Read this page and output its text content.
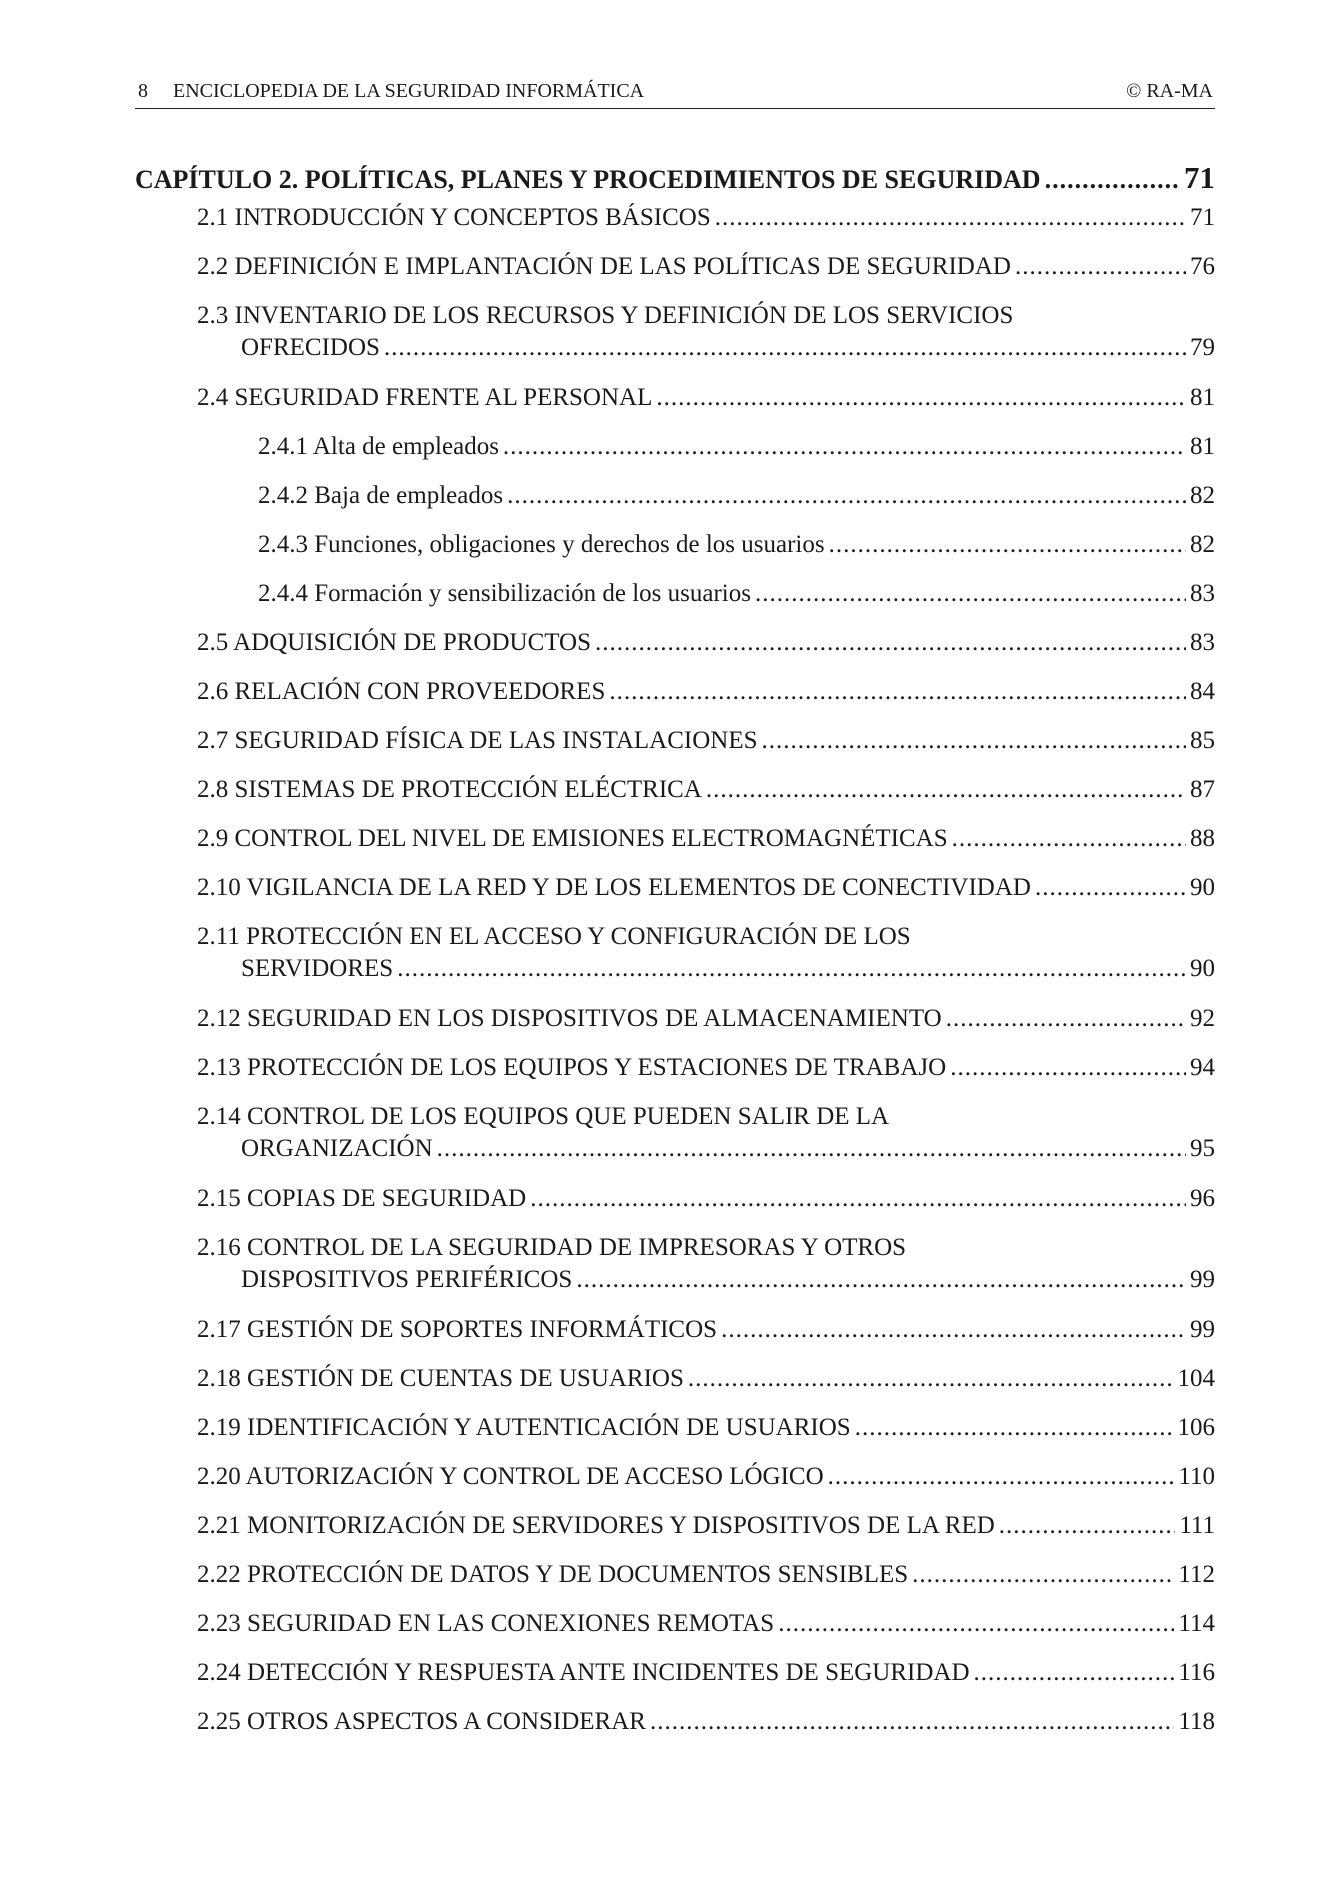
8 ENCICLOPEDIA DE LA SEGURIDAD INFORMÁTICA	© RA-MA
CAPÍTULO 2. POLÍTICAS, PLANES Y PROCEDIMIENTOS DE SEGURIDAD .....	71
2.1 INTRODUCCIÓN Y CONCEPTOS BÁSICOS .....	71
2.2 DEFINICIÓN E IMPLANTACIÓN DE LAS POLÍTICAS DE SEGURIDAD .....	76
2.3 INVENTARIO DE LOS RECURSOS Y DEFINICIÓN DE LOS SERVICIOS
OFRECIDOS .....	79
2.4 SEGURIDAD FRENTE AL PERSONAL .....	81
2.4.1 Alta de empleados .....	81
2.4.2 Baja de empleados .....	82
2.4.3 Funciones, obligaciones y derechos de los usuarios .....	82
2.4.4 Formación y sensibilización de los usuarios .....	83
2.5 ADQUISICIÓN DE PRODUCTOS .....	83
2.6 RELACIÓN CON PROVEEDORES .....	84
2.7 SEGURIDAD FÍSICA DE LAS INSTALACIONES .....	85
2.8 SISTEMAS DE PROTECCIÓN ELÉCTRICA .....	87
2.9 CONTROL DEL NIVEL DE EMISIONES ELECTROMAGNÉTICAS .....	88
2.10 VIGILANCIA DE LA RED Y DE LOS ELEMENTOS DE CONECTIVIDAD .....	90
2.11 PROTECCIÓN EN EL ACCESO Y CONFIGURACIÓN DE LOS
SERVIDORES .....	90
2.12 SEGURIDAD EN LOS DISPOSITIVOS DE ALMACENAMIENTO .....	92
2.13 PROTECCIÓN DE LOS EQUIPOS Y ESTACIONES DE TRABAJO .....	94
2.14 CONTROL DE LOS EQUIPOS QUE PUEDEN SALIR DE LA
ORGANIZACIÓN .....	95
2.15 COPIAS DE SEGURIDAD .....	96
2.16 CONTROL DE LA SEGURIDAD DE IMPRESORAS Y OTROS
DISPOSITIVOS PERIFÉRICOS .....	99
2.17 GESTIÓN DE SOPORTES INFORMÁTICOS .....	99
2.18 GESTIÓN DE CUENTAS DE USUARIOS .....	104
2.19 IDENTIFICACIÓN Y AUTENTICACIÓN DE USUARIOS .....	106
2.20 AUTORIZACIÓN Y CONTROL DE ACCESO LÓGICO .....	110
2.21 MONITORIZACIÓN DE SERVIDORES Y DISPOSITIVOS DE LA RED .....	111
2.22 PROTECCIÓN DE DATOS Y DE DOCUMENTOS SENSIBLES .....	112
2.23 SEGURIDAD EN LAS CONEXIONES REMOTAS .....	114
2.24 DETECCIÓN Y RESPUESTA ANTE INCIDENTES DE SEGURIDAD .....	116
2.25 OTROS ASPECTOS A CONSIDERAR .....	118
